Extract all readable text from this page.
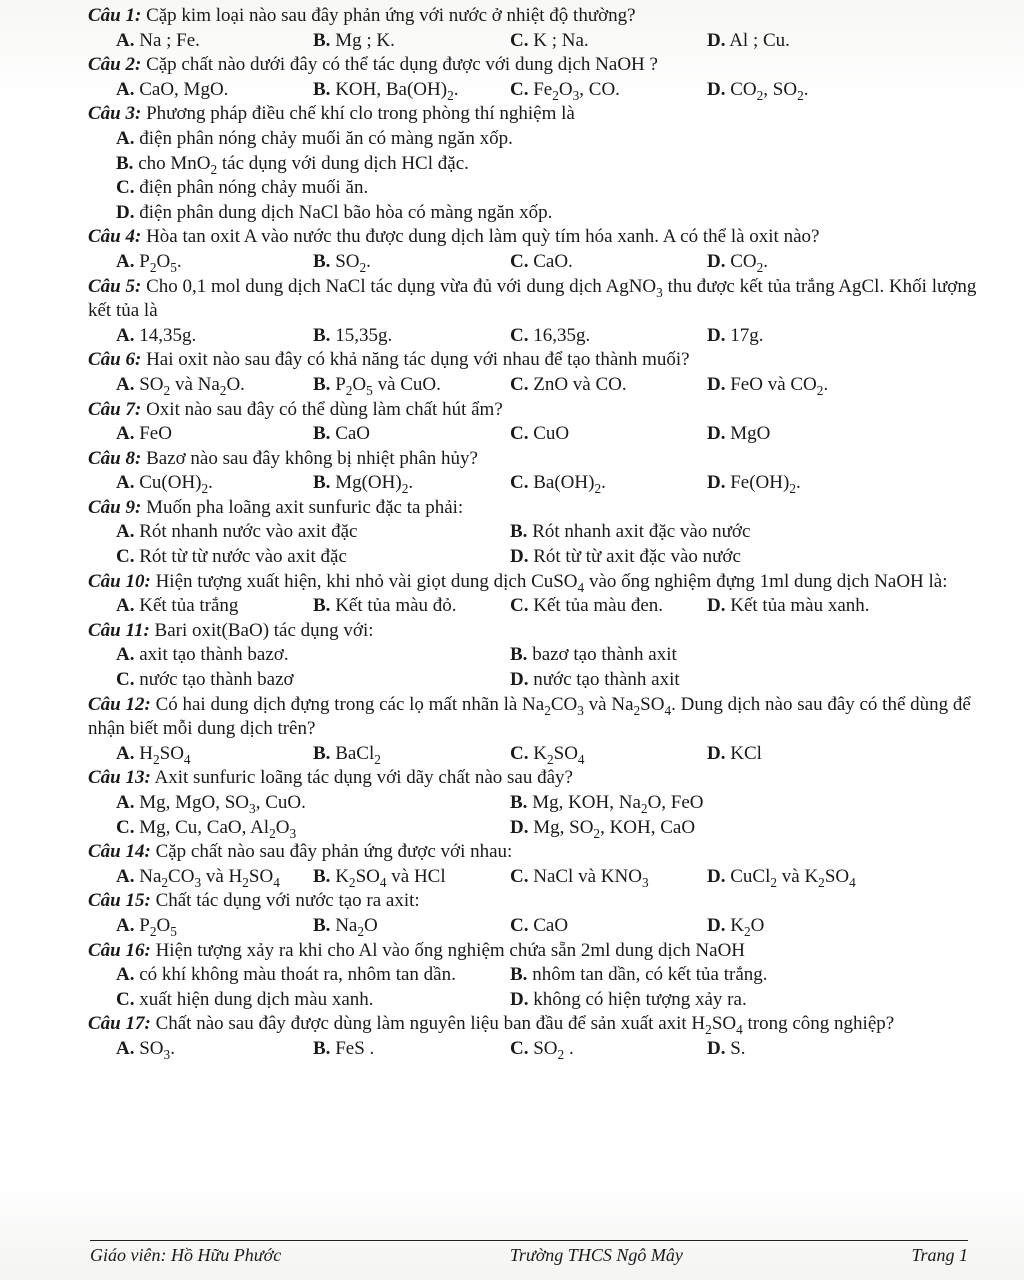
Câu 1: Cặp kim loại nào sau đây phản ứng với nước ở nhiệt độ thường?

A. Na ; Fe.	B. Mg ; K.	C. K ; Na.	D. Al ; Cu.

Câu 2: Cặp chất nào dưới đây có thể tác dụng được với dung dịch NaOH ?

A. CaO, MgO.	B. KOH, $Ba(OH)_2$.	C. $Fe_2O_3$, CO.	D. $CO_2$, $SO_2$.

Câu 3: Phương pháp điều chế khí clo trong phòng thí nghiệm là

A. điện phân nóng chảy muối ăn có màng ngăn xốp.
B. cho MnO$_2$ tác dụng với dung dịch HCl đặc.
C. điện phân nóng chảy muối ăn.
D. điện phân dung dịch NaCl bão hòa có màng ngăn xốp.

Câu 4: Hòa tan oxit A vào nước thu được dung dịch làm quỳ tím hóa xanh. A có thể là oxit nào?

A. $P_2O_5$.	B. $SO_2$.	C. CaO.	D. $CO_2$.

Câu 5: Cho 0,1 mol dung dịch NaCl tác dụng vừa đủ với dung dịch AgNO$_3$ thu được kết tủa trắng AgCl. Khối lượng kết tủa là

A. 14,35g.	B. 15,35g.	C. 16,35g.	D. 17g.

Câu 6: Hai oxit nào sau đây có khả năng tác dụng với nhau để tạo thành muối?

A. $SO_2$ và $Na_2O$.	B. $P_2O_5$ và CuO.	C. ZnO và CO.	D. FeO và $CO_2$.

Câu 7: Oxit nào sau đây có thể dùng làm chất hút ẩm?

A. FeO	B. CaO	C. CuO	D. MgO

Câu 8: Bazơ nào sau đây không bị nhiệt phân hủy?

A. $Cu(OH)_2$.	B. $Mg(OH)_2$.	C. $Ba(OH)_2$.	D. $Fe(OH)_2$.

Câu 9: Muốn pha loãng axit sunfuric đặc ta phải:

A. Rót nhanh nước vào axit đặc	B. Rót nhanh axit đặc vào nước
C. Rót từ từ nước vào axit đặc	D. Rót từ từ axit đặc vào nước

Câu 10: Hiện tượng xuất hiện, khi nhỏ vài giọt dung dịch CuSO$_4$ vào ống nghiệm đựng 1ml dung dịch NaOH là:

A. Kết tủa trắng	B. Kết tủa màu đỏ.	C. Kết tủa màu đen.	D. Kết tủa màu xanh.

Câu 11: Bari oxit(BaO) tác dụng với:

A. axit tạo thành bazơ.	B. bazơ tạo thành axit
C. nước tạo thành bazơ	D. nước tạo thành axit

Câu 12: Có hai dung dịch đựng trong các lọ mất nhãn là $Na_2CO_3$ và $Na_2SO_4$. Dung dịch nào sau đây có thể dùng để nhận biết mỗi dung dịch trên?

A. $H_2SO_4$	B. BaCl$_2$	C. $K_2SO_4$	D. KCl

Câu 13: Axit sunfuric loãng tác dụng với dãy chất nào sau đây?

A. Mg, MgO, $SO_3$, CuO.	B. Mg, KOH, $Na_2O$, FeO
C. Mg, Cu, CaO, $Al_2O_3$	D. Mg, $SO_2$, KOH, CaO

Câu 14: Cặp chất nào sau đây phản ứng được với nhau:

A. $Na_2CO_3$ và $H_2SO_4$	B. $K_2SO_4$ và HCl	C. NaCl và $KNO_3$	D. CuCl$_2$ và $K_2SO_4$

Câu 15: Chất tác dụng với nước tạo ra axit:

A. $P_2O_5$	B. $Na_2O$	C. CaO	D. $K_2O$

Câu 16: Hiện tượng xảy ra khi cho Al vào ống nghiệm chứa sẵn 2ml dung dịch NaOH

A. có khí không màu thoát ra, nhôm tan dần.	B. nhôm tan dần, có kết tủa trắng.
C. xuất hiện dung dịch màu xanh.	D. không có hiện tượng xảy ra.

Câu 17: Chất nào sau đây được dùng làm nguyên liệu ban đầu để sản xuất axit $H_2SO_4$ trong công nghiệp?

A. $SO_3$.	B. FeS .	C. $SO_2$ .	D. S.
Giáo viên: Hồ Hữu Phước	Trường THCS Ngô Mây	Trang 1
